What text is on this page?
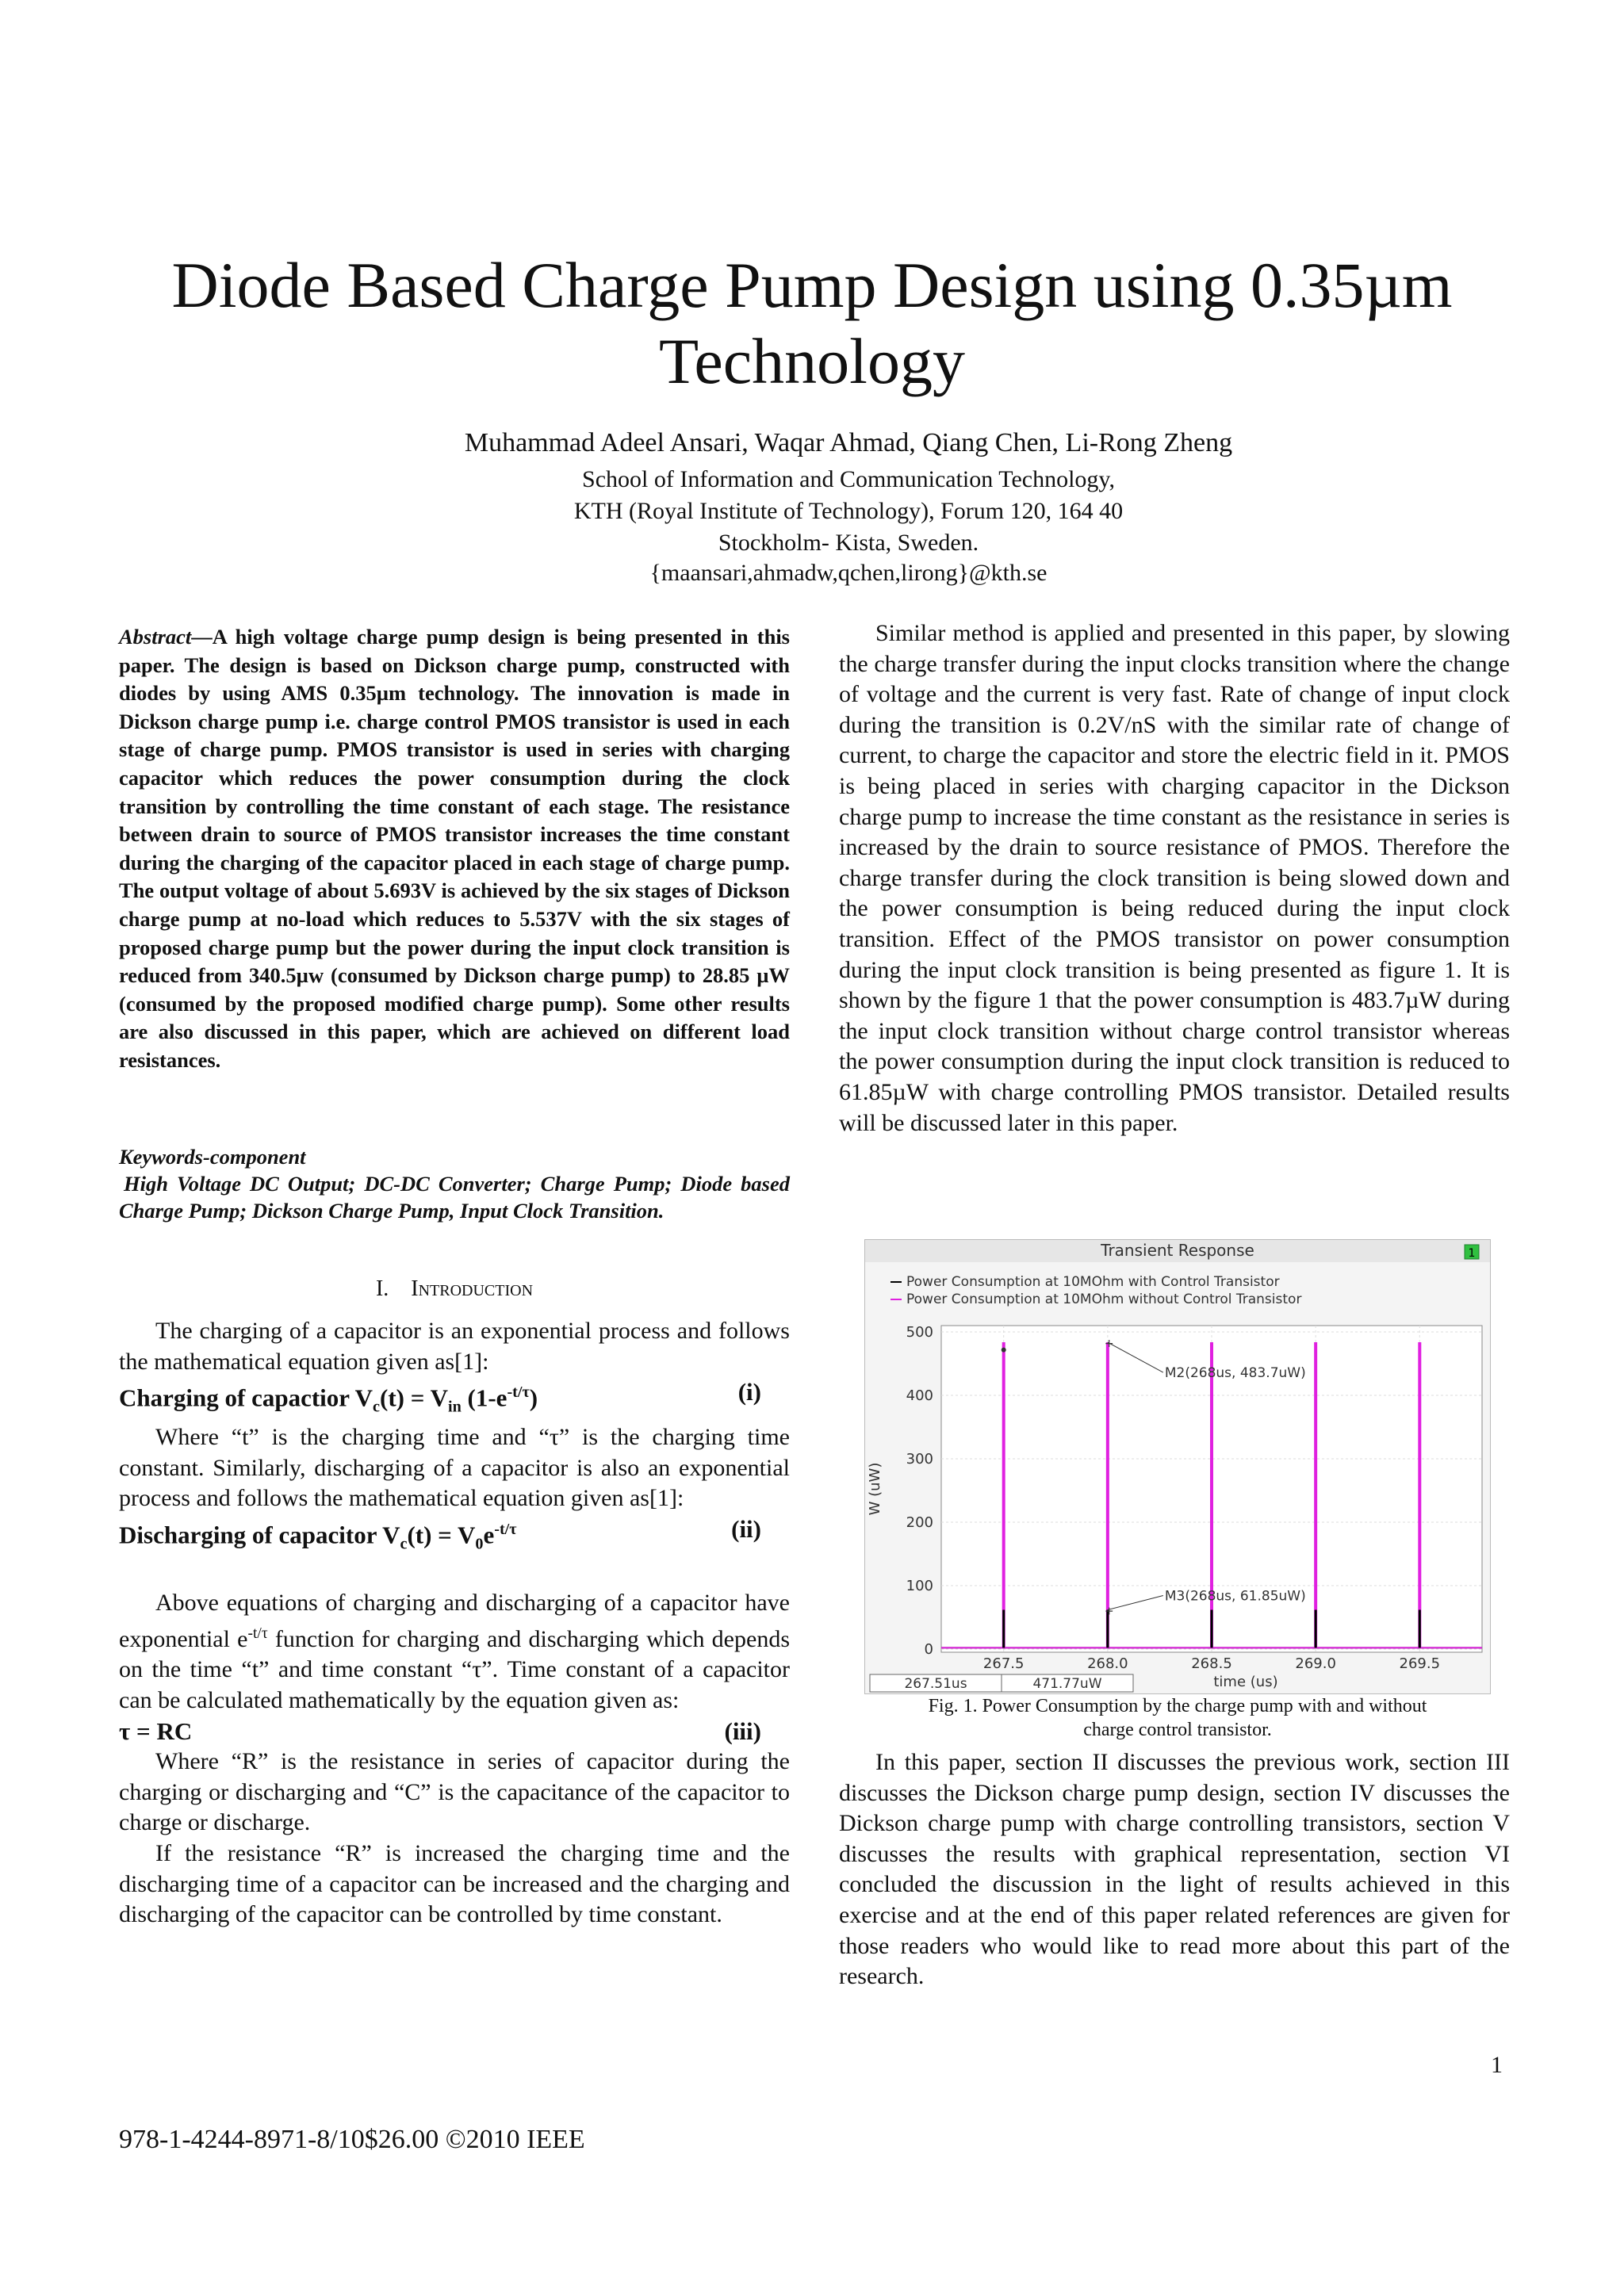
Diode Based Charge Pump Design using 0.35µm Technology
Muhammad Adeel Ansari, Waqar Ahmad, Qiang Chen, Li-Rong Zheng
School of Information and Communication Technology,
KTH (Royal Institute of Technology), Forum 120, 164 40
Stockholm- Kista, Sweden.
{maansari,ahmadw,qchen,lirong}@kth.se
Abstract—A high voltage charge pump design is being presented in this paper. The design is based on Dickson charge pump, constructed with diodes by using AMS 0.35µm technology. The innovation is made in Dickson charge pump i.e. charge control PMOS transistor is used in each stage of charge pump. PMOS transistor is used in series with charging capacitor which reduces the power consumption during the clock transition by controlling the time constant of each stage. The resistance between drain to source of PMOS transistor increases the time constant during the charging of the capacitor placed in each stage of charge pump. The output voltage of about 5.693V is achieved by the six stages of Dickson charge pump at no-load which reduces to 5.537V with the six stages of proposed charge pump but the power during the input clock transition is reduced from 340.5µw (consumed by Dickson charge pump) to 28.85 µW (consumed by the proposed modified charge pump). Some other results are also discussed in this paper, which are achieved on different load resistances.
Keywords-component
High Voltage DC Output; DC-DC Converter; Charge Pump; Diode based Charge Pump; Dickson Charge Pump, Input Clock Transition.
I. Introduction

The charging of a capacitor is an exponential process and follows the mathematical equation given as[1]:

Charging of capactior $V_c(t) = V_{in}$ $(1-e^{-t/\tau})$	(i)

Where “t” is the charging time and “τ” is the charging time constant. Similarly, discharging of a capacitor is also an exponential process and follows the mathematical equation given as[1]:

Discharging of capacitor $V_c(t) = V_0e^{-t/\tau}$	(ii)

Above equations of charging and discharging of a capacitor have exponential $e^{-t/\tau}$ function for charging and discharging which depends on the time “t” and time constant “τ”. Time constant of a capacitor can be calculated mathematically by the equation given as:

τ = RC	(iii)

Where “R” is the resistance in series of capacitor during the charging or discharging and “C” is the capacitance of the capacitor to charge or discharge.

If the resistance “R” is increased the charging time and the discharging time of a capacitor can be increased and the charging and discharging of the capacitor can be controlled by time constant.

Similar method is applied and presented in this paper, by slowing the charge transfer during the input clocks transition where the change of voltage and the current is very fast. Rate of change of input clock during the transition is 0.2V/nS with the similar rate of change of current, to charge the capacitor and store the electric field in it. PMOS is being placed in series with charging capacitor in the Dickson charge pump to increase the time constant as the resistance in series is increased by the drain to source resistance of PMOS. Therefore the charge transfer during the clock transition is being slowed down and the power consumption is being reduced during the input clock transition. Effect of the PMOS transistor on power consumption during the input clock transition is being presented as figure 1. It is shown by the figure 1 that the power consumption is 483.7µW during the input clock transition without charge control transistor whereas the power consumption during the input clock transition is reduced to 61.85µW with charge controlling PMOS transistor. Detailed results will be discussed later in this paper.

Transient Response	1
Power Consumption at 10MOhm with Control Transistor
Power Consumption at 10MOhm without Control Transistor
0
100
200
300
400
500
267.5	268.0	268.5	269.0	269.5
+
M2(268us, 483.7uW)
+
M3(268us, 61.85uW)
W (uW)
time (us)
267.51us	471.77uW
Fig. 1. Power Consumption by the charge pump with and without
charge control transistor.

In this paper, section II discusses the previous work, section III discusses the Dickson charge pump design, section IV discusses the Dickson charge pump with charge controlling transistors, section V discusses the results with graphical representation, section VI concluded the discussion in the light of results achieved in this exercise and at the end of this paper related references are given for those readers who would like to read more about this part of the research.

1
978-1-4244-8971-8/10$26.00 ©2010 IEEE
